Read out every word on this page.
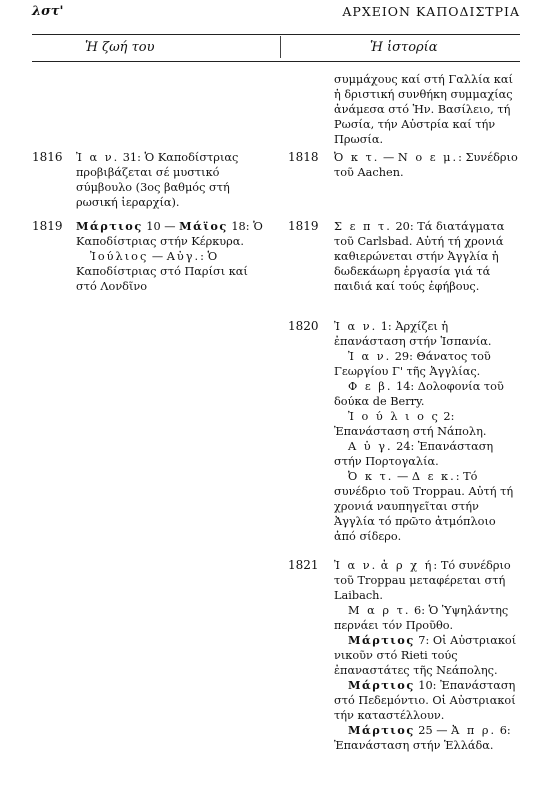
λστ'	ΑΡΧΕΙΟΝ ΚΑΠΟΔΙΣΤΡΙΑ
Ἡ ζωή του	Ἡ ἱστορία
1816 Ἰ α ν. 31: Ὁ Καποδίστριας προβιβάζεται σέ μυστικό σύμβουλο (3ος βαθμός στή ρωσική ἱεραρχία).

1819 Μάρτιος 10 — Μάϊος 18: Ὁ Καποδίστριας στήν Κέρκυρα.

Ἰούλιος — Αὐγ.: Ὁ Καποδίστριας στό Παρίσι καί στό Λονδῖνο

συμμάχους καί στή Γαλλία καί ἡ δριστική συνθήκη συμμαχίας ἀνάμεσα στό Ἡν. Βασίλειο, τή Ρωσία, τήν Αὐστρία καί τήν Πρωσία.

1818 Ὀ κ τ. — Ν ο ε μ.: Συνέδριο τοῦ Aachen.

1819 Σ ε π τ. 20: Τά διατάγματα τοῦ Carlsbad. Αὐτή τή χρονιά καθιερώνεται στήν Ἀγγλία ἡ δωδεκάωρη ἐργασία γιά τά παιδιά καί τούς ἐφήβους.

1820 Ἰ α ν. 1: Ἀρχίζει ἡ ἐπανάσταση στήν Ἱσπανία.

Ἰ α ν. 29: Θάνατος τοῦ Γεωργίου Γ' τῆς Ἀγγλίας.

Φ ε β. 14: Δολοφονία τοῦ δούκα de Berry.

Ἰ ο ύ λ ι ο ς 2: Ἐπανάσταση στή Νάπολη.

Α ὐ γ. 24: Ἐπανάσταση στήν Πορτογαλία.

Ὀ κ τ. — Δ ε κ.: Τό συνέδριο τοῦ Troppau. Αὐτή τή χρονιά ναυπηγεῖται στήν Ἀγγλία τό πρῶτο ἀτμόπλοιο ἀπό σίδερο.

1821 Ἰ α ν. ἀ ρ χ ή: Τό συνέδριο τοῦ Troppau μεταφέρεται στή Laibach.

Μ α ρ τ. 6: Ὁ Ὑψηλάντης περνάει τόν Προῦθο.

Μάρτιος 7: Οἱ Αὐστριακοί νικοῦν στό Rieti τούς ἐπαναστάτες τῆς Νεάπολης.

Μάρτιος 10: Ἐπανάσταση στό Πεδεμόντιο. Οἱ Αὐστριακοί τήν καταστέλλουν.

Μάρτιος 25 — Ἀ π ρ. 6: Ἐπανάσταση στήν Ἑλλάδα.
